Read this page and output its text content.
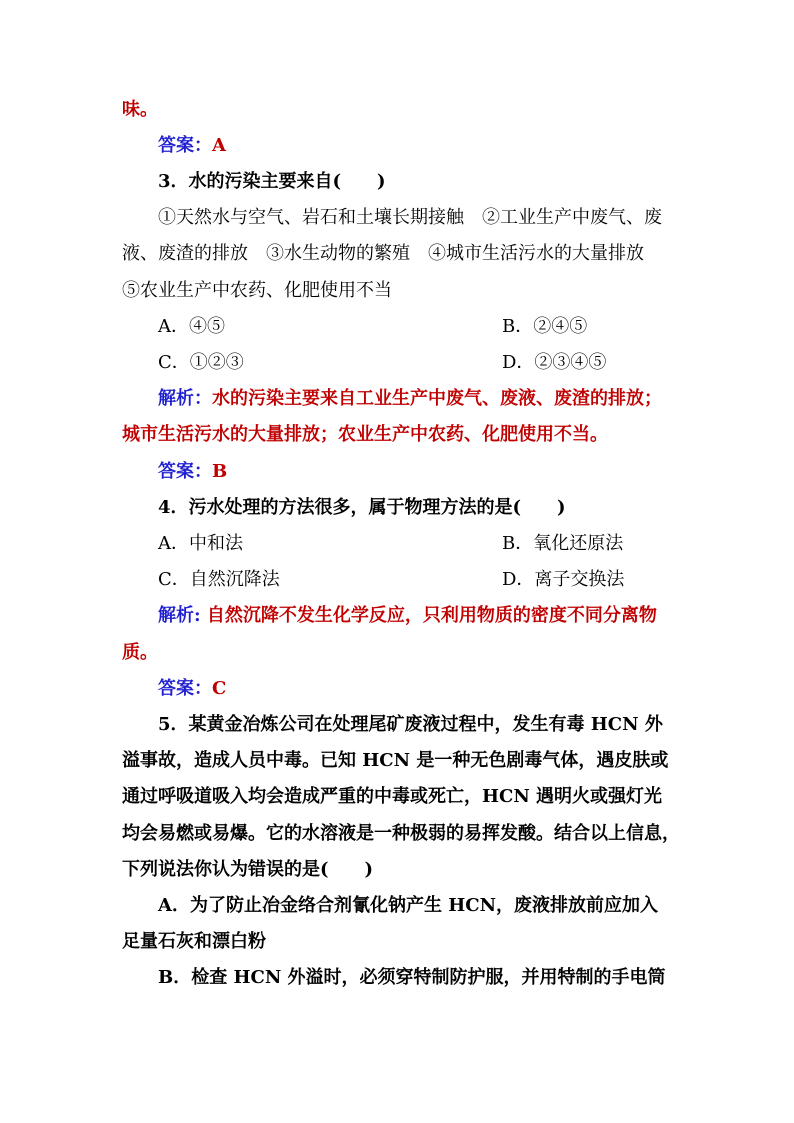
味。
答案：A
3．水的污染主要来自(　　)
①天然水与空气、岩石和土壤长期接触　②工业生产中废气、废
液、废渣的排放　③水生动物的繁殖　④城市生活污水的大量排放
⑤农业生产中农药、化肥使用不当
A．④⑤	B．②④⑤
C．①②③	D．②③④⑤
解析：水的污染主要来自工业生产中废气、废液、废渣的排放；
城市生活污水的大量排放；农业生产中农药、化肥使用不当。
答案：B
4．污水处理的方法很多，属于物理方法的是(　　)
A．中和法	B．氧化还原法
C．自然沉降法	D．离子交换法
解析: 自然沉降不发生化学反应，只利用物质的密度不同分离物
质。
答案：C
5．某黄金冶炼公司在处理尾矿废液过程中，发生有毒 HCN 外
溢事故，造成人员中毒。已知 HCN 是一种无色剧毒气体，遇皮肤或
通过呼吸道吸入均会造成严重的中毒或死亡，HCN 遇明火或强灯光
均会易燃或易爆。它的水溶液是一种极弱的易挥发酸。结合以上信息，
下列说法你认为错误的是(　　)
A．为了防止冶金络合剂氰化钠产生 HCN，废液排放前应加入
足量石灰和漂白粉
B．检查 HCN 外溢时，必须穿特制防护服，并用特制的手电筒
